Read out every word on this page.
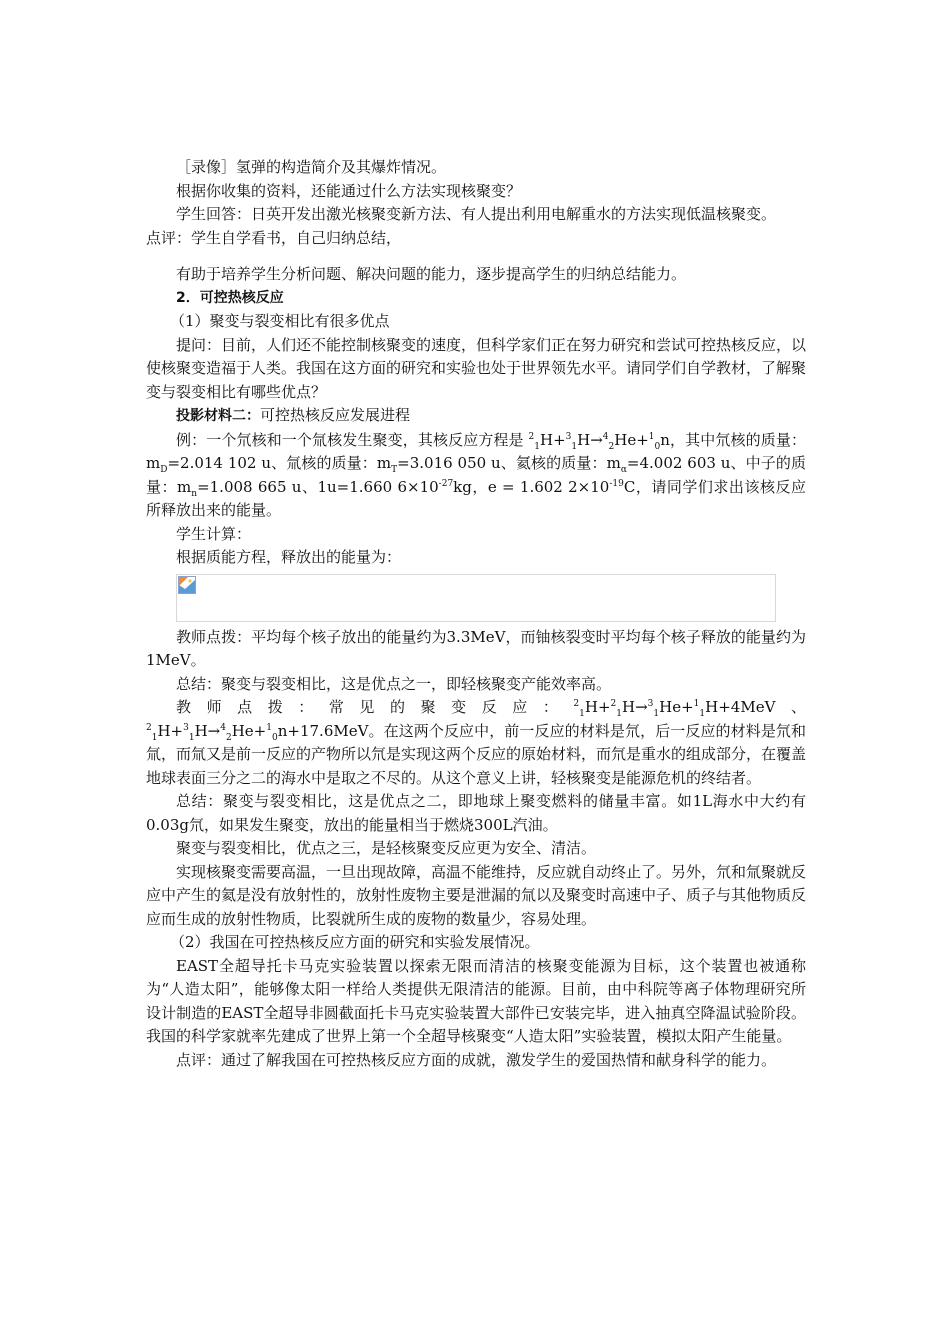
［录像］氢弹的构造简介及其爆炸情况。

根据你收集的资料，还能通过什么方法实现核聚变？

学生回答：日英开发出激光核聚变新方法、有人提出利用电解重水的方法实现低温核聚变。

点评：学生自学看书，自己归纳总结，

有助于培养学生分析问题、解决问题的能力，逐步提高学生的归纳总结能力。

2．可控热核反应

（1）聚变与裂变相比有很多优点

提问：目前，人们还不能控制核聚变的速度，但科学家们正在努力研究和尝试可控热核反应，以使核聚变造福于人类。我国在这方面的研究和实验也处于世界领先水平。请同学们自学教材，了解聚变与裂变相比有哪些优点？

投影材料二：可控热核反应发展进程

例：一个氘核和一个氚核发生聚变，其核反应方程是 $^2_1$H+$^3_1$H→$^4_2$He+$^1_0$n，其中氘核的质量：$m_D=2.014$ 102 u、氚核的质量：$m_T=3.016$ 050 u、氦核的质量：$m_\alpha=4.002$ 603 u、中子的质量：$m_n=1.008$ 665 u、1u=1.660 $6\times 10^{-27}kg$，e = 1.602 $2\times 10^{-19}C$，请同学们求出该核反应所释放出来的能量。

学生计算：

根据质能方程，释放出的能量为：

教师点拨：平均每个核子放出的能量约为3.3MeV，而铀核裂变时平均每个核子释放的能量约为1MeV。

总结：聚变与裂变相比，这是优点之一，即轻核聚变产能效率高。

教师点拨：常见的聚变反应：$^2_1$H+$^2_1$H→$^3_1$He+$^1_1$H+4MeV、 $^2_1$H+$^3_1$H→$^4_2$He+$^1_0$n+17.6MeV。在这两个反应中，前一反应的材料是氘，后一反应的材料是氘和氚，而氚又是前一反应的产物所以氘是实现这两个反应的原始材料，而氘是重水的组成部分，在覆盖地球表面三分之二的海水中是取之不尽的。从这个意义上讲，轻核聚变是能源危机的终结者。

总结：聚变与裂变相比，这是优点之二，即地球上聚变燃料的储量丰富。如1L海水中大约有0.03g氘，如果发生聚变，放出的能量相当于燃烧300L汽油。

聚变与裂变相比，优点之三，是轻核聚变反应更为安全、清洁。

实现核聚变需要高温，一旦出现故障，高温不能维持，反应就自动终止了。另外，氘和氚聚就反应中产生的氦是没有放射性的，放射性废物主要是泄漏的氚以及聚变时高速中子、质子与其他物质反应而生成的放射性物质，比裂就所生成的废物的数量少，容易处理。

（2）我国在可控热核反应方面的研究和实验发展情况。

EAST全超导托卡马克实验装置以探索无限而清洁的核聚变能源为目标，这个装置也被通称为“人造太阳”，能够像太阳一样给人类提供无限清洁的能源。目前，由中科院等离子体物理研究所设计制造的EAST全超导非圆截面托卡马克实验装置大部件已安装完毕，进入抽真空降温试验阶段。我国的科学家就率先建成了世界上第一个全超导核聚变“人造太阳”实验装置，模拟太阳产生能量。

点评：通过了解我国在可控热核反应方面的成就，激发学生的爱国热情和献身科学的能力。
